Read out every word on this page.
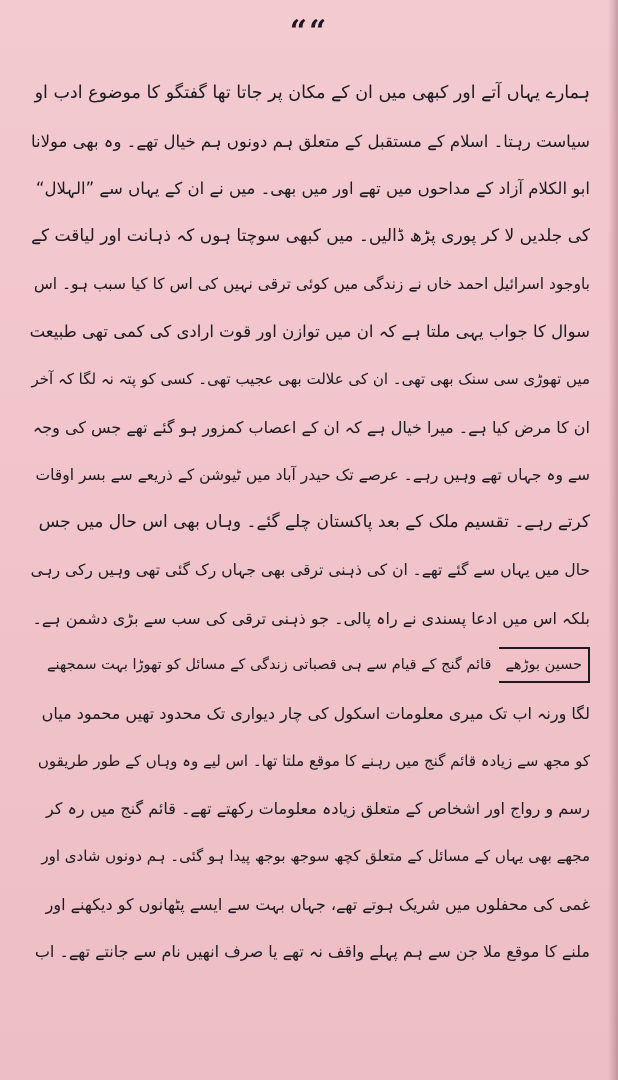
““
ہمارے یہاں آتے اور کبھی میں ان کے مکان پر جاتا تھا گفتگو کا موضوع ادب او
سیاست رہتا۔ اسلام کے مستقبل کے متعلق ہم دونوں ہم خیال تھے۔ وہ بھی مولانا
ابو الکلام آزاد کے مداحوں میں تھے اور میں بھی۔ میں نے ان کے یہاں سے ”الہلال“
کی جلدیں لا کر پوری پڑھ ڈالیں۔ میں کبھی سوچتا ہوں کہ ذہانت اور لیاقت کے
باوجود اسرائیل احمد خاں نے زندگی میں کوئی ترقی نہیں کی اس کا کیا سبب ہو۔ اس
سوال کا جواب یہی ملتا ہے کہ ان میں توازن اور قوت ارادی کی کمی تھی طبیعت
میں تھوڑی سی سنک بھی تھی۔ ان کی علالت بھی عجیب تھی۔ کسی کو پتہ نہ لگا کہ آخر
ان کا مرض کیا ہے۔ میرا خیال ہے کہ ان کے اعصاب کمزور ہو گئے تھے جس کی وجہ
سے وہ جہاں تھے وہیں رہے۔ عرصے تک حیدر آباد میں ٹیوشن کے ذریعے سے بسر اوقات
کرتے رہے۔ تقسیم ملک کے بعد پاکستان چلے گئے۔ وہاں بھی اس حال میں جس
حال میں یہاں سے گئے تھے۔ ان کی ذہنی ترقی بھی جہاں رک گئی تھی وہیں رکی رہی
بلکہ اس میں ادعا پسندی نے راہ پالی۔ جو ذہنی ترقی کی سب سے بڑی دشمن ہے۔
حسین بوڑھےقائم گنج کے قیام سے ہی قصباتی زندگی کے مسائل کو تھوڑا بہت سمجھنے
لگا ورنہ اب تک میری معلومات اسکول کی چار دیواری تک محدود تھیں محمود میاں
کو مجھ سے زیادہ قائم گنج میں رہنے کا موقع ملتا تھا۔ اس لیے وہ وہاں کے طور طریقوں
رسم و رواج اور اشخاص کے متعلق زیادہ معلومات رکھتے تھے۔ قائم گنج میں رہ کر
مجھے بھی یہاں کے مسائل کے متعلق کچھ سوجھ بوجھ پیدا ہو گئی۔ ہم دونوں شادی اور
غمی کی محفلوں میں شریک ہوتے تھے، جہاں بہت سے ایسے پٹھانوں کو دیکھنے اور
ملنے کا موقع ملا جن سے ہم پہلے واقف نہ تھے یا صرف انھیں نام سے جانتے تھے۔ اب
